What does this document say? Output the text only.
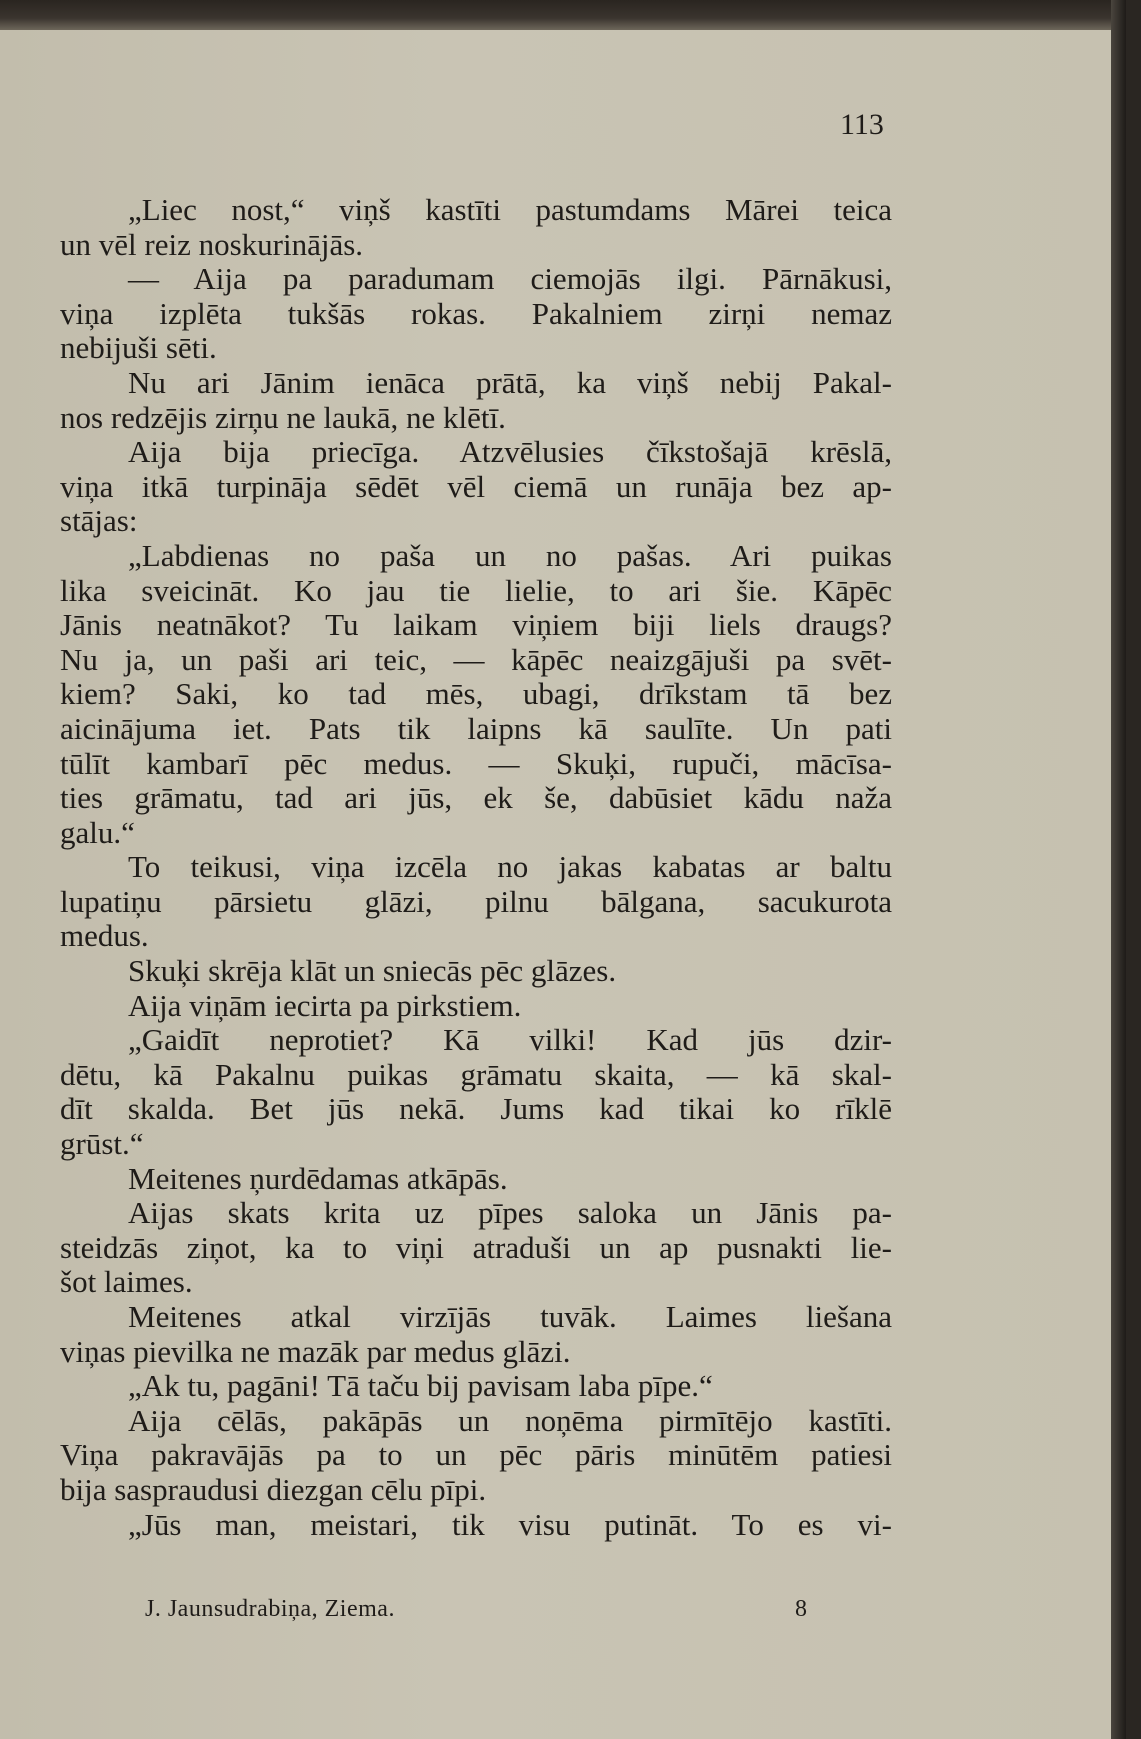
113
„Liec nost,“ viņš kastīti pastumdams Mārei teica
un vēl reiz noskurinājās.
— Aija pa paradumam ciemojās ilgi. Pārnākusi,
viņa izplēta tukšās rokas. Pakalniem zirņi nemaz
nebijuši sēti.
Nu ari Jānim ienāca prātā, ka viņš nebij Pakal-
nos redzējis zirņu ne laukā, ne klētī.
Aija bija priecīga. Atzvēlusies čīkstošajā krēslā,
viņa itkā turpināja sēdēt vēl ciemā un runāja bez ap-
stājas:
„Labdienas no paša un no pašas. Ari puikas
lika sveicināt. Ko jau tie lielie, to ari šie. Kāpēc
Jānis neatnākot? Tu laikam viņiem biji liels draugs?
Nu ja, un paši ari teic, — kāpēc neaizgājuši pa svēt-
kiem? Saki, ko tad mēs, ubagi, drīkstam tā bez
aicinājuma iet. Pats tik laipns kā saulīte. Un pati
tūlīt kambarī pēc medus. — Skuķi, rupuči, mācīsa-
ties grāmatu, tad ari jūs, ek še, dabūsiet kādu naža
galu.“
To teikusi, viņa izcēla no jakas kabatas ar baltu
lupatiņu pārsietu glāzi, pilnu bālgana, sacukurota
medus.
Skuķi skrēja klāt un sniecās pēc glāzes.
Aija viņām iecirta pa pirkstiem.
„Gaidīt neprotiet? Kā vilki! Kad jūs dzir-
dētu, kā Pakalnu puikas grāmatu skaita, — kā skal-
dīt skalda. Bet jūs nekā. Jums kad tikai ko rīklē
grūst.“
Meitenes ņurdēdamas atkāpās.
Aijas skats krita uz pīpes saloka un Jānis pa-
steidzās ziņot, ka to viņi atraduši un ap pusnakti lie-
šot laimes.
Meitenes atkal virzījās tuvāk. Laimes liešana
viņas pievilka ne mazāk par medus glāzi.
„Ak tu, pagāni! Tā taču bij pavisam laba pīpe.“
Aija cēlās, pakāpās un noņēma pirmītējo kastīti.
Viņa pakravājās pa to un pēc pāris minūtēm patiesi
bija saspraudusi diezgan cēlu pīpi.
„Jūs man, meistari, tik visu putināt. To es vi-
J. Jaunsudrabiņa, Ziema.	8
